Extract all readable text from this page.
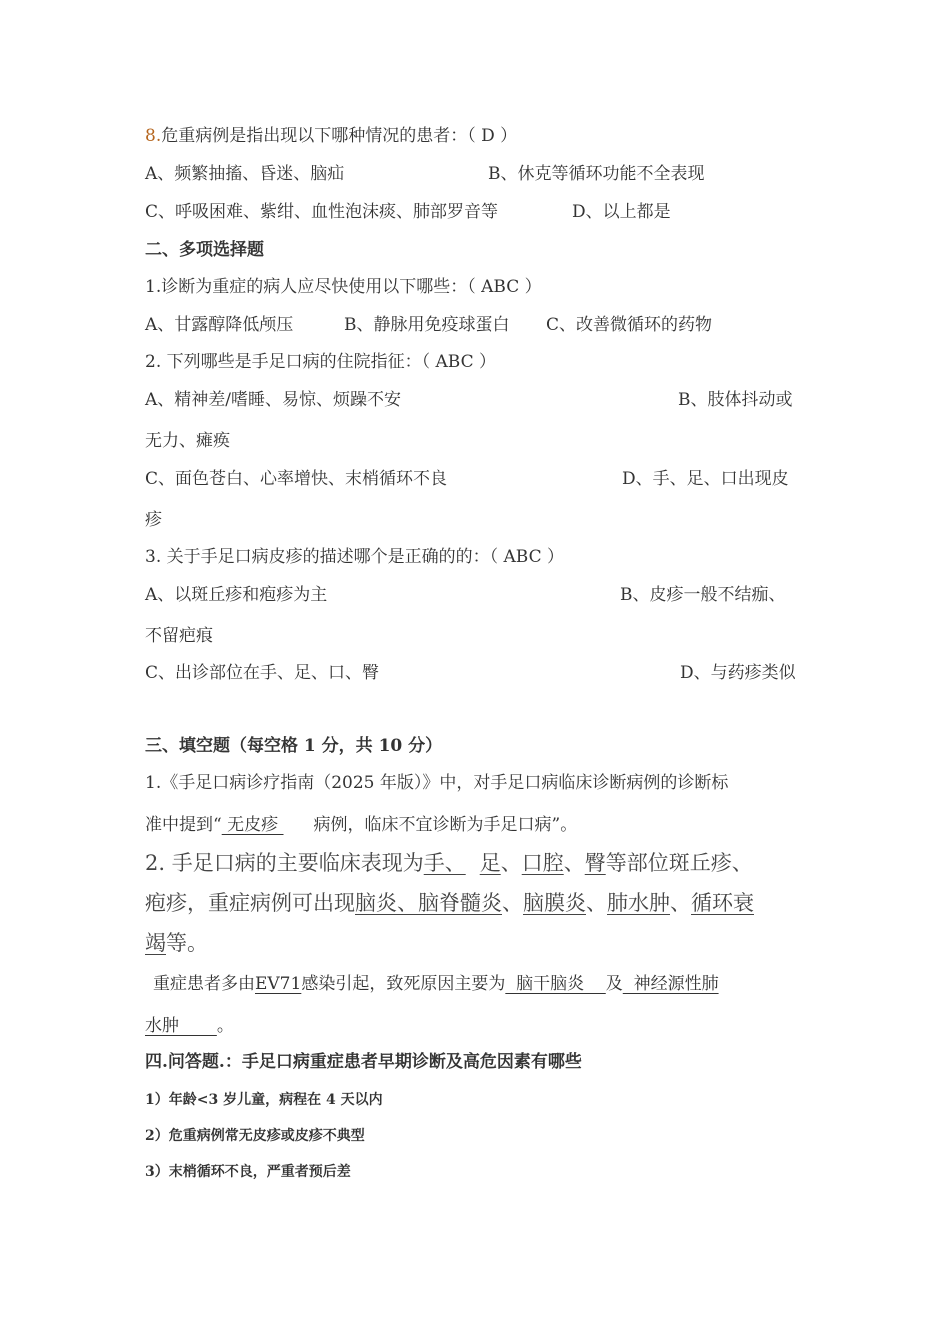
8.危重病例是指出现以下哪种情况的患者：（ D ）
A、频繁抽搐、昏迷、脑疝	B、休克等循环功能不全表现
C、呼吸困难、紫绀、血性泡沫痰、肺部罗音等	D、以上都是
二、多项选择题
1.诊断为重症的病人应尽快使用以下哪些：（ ABC ）
A、甘露醇降低颅压	B、静脉用免疫球蛋白 C、改善微循环的药物
2. 下列哪些是手足口病的住院指征：（ ABC ）
A、精神差/嗜睡、易惊、烦躁不安	B、肢体抖动或
无力、瘫痪
C、面色苍白、心率增快、末梢循环不良	D、手、足、口出现皮
疹
3. 关于手足口病皮疹的描述哪个是正确的的：（ ABC ）
A、以斑丘疹和疱疹为主	B、皮疹一般不结痂、
不留疤痕
C、出诊部位在手、足、口、臀	D、与药疹类似
三、填空题（每空格 1 分，共 10 分）
1.《手足口病诊疗指南（2025 年版）》中，对手足口病临床诊断病例的诊断标
准中提到“ 无皮疹 病例，临床不宜诊断为手足口病”。
2. 手足口病的主要临床表现为手、 足、口腔、臀等部位斑丘疹、
疱疹，重症病例可出现脑炎、脑脊髓炎、脑膜炎、肺水肿、循环衰
竭等。
重症患者多由EV71感染引起，致死原因主要为  脑干脑炎    及  神经源性肺
水肿       。
四.问答题.：手足口病重症患者早期诊断及高危因素有哪些
1）年龄<3 岁儿童，病程在 4 天以内
2）危重病例常无皮疹或皮疹不典型
3）末梢循环不良，严重者预后差
